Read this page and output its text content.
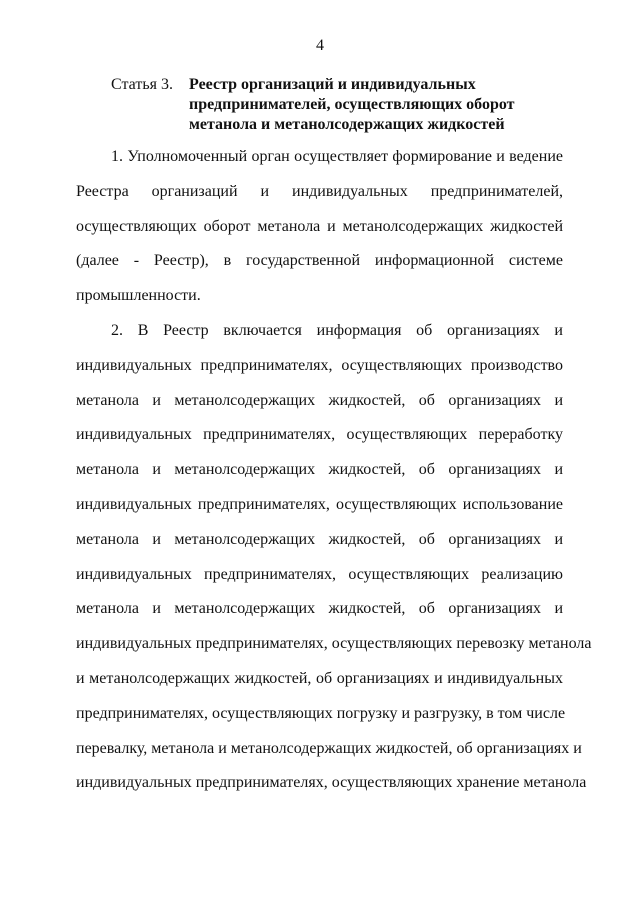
4
Статья 3. Реестр организаций и индивидуальных
предпринимателей, осуществляющих оборот
метанола и метанолсодержащих жидкостей

1. Уполномоченный орган осуществляет формирование и ведение
Реестра организаций и индивидуальных предпринимателей,
осуществляющих оборот метанола и метанолсодержащих жидкостей
(далее - Реестр), в государственной информационной системе
промышленности.

2. В Реестр включается информация об организациях и
индивидуальных предпринимателях, осуществляющих производство
метанола и метанолсодержащих жидкостей, об организациях и
индивидуальных предпринимателях, осуществляющих переработку
метанола и метанолсодержащих жидкостей, об организациях и
индивидуальных предпринимателях, осуществляющих использование
метанола и метанолсодержащих жидкостей, об организациях и
индивидуальных предпринимателях, осуществляющих реализацию
метанола и метанолсодержащих жидкостей, об организациях и
индивидуальных предпринимателях, осуществляющих перевозку метанола
и метанолсодержащих жидкостей, об организациях и индивидуальных
предпринимателях, осуществляющих погрузку и разгрузку, в том числе
перевалку, метанола и метанолсодержащих жидкостей, об организациях и
индивидуальных предпринимателях, осуществляющих хранение метанола
